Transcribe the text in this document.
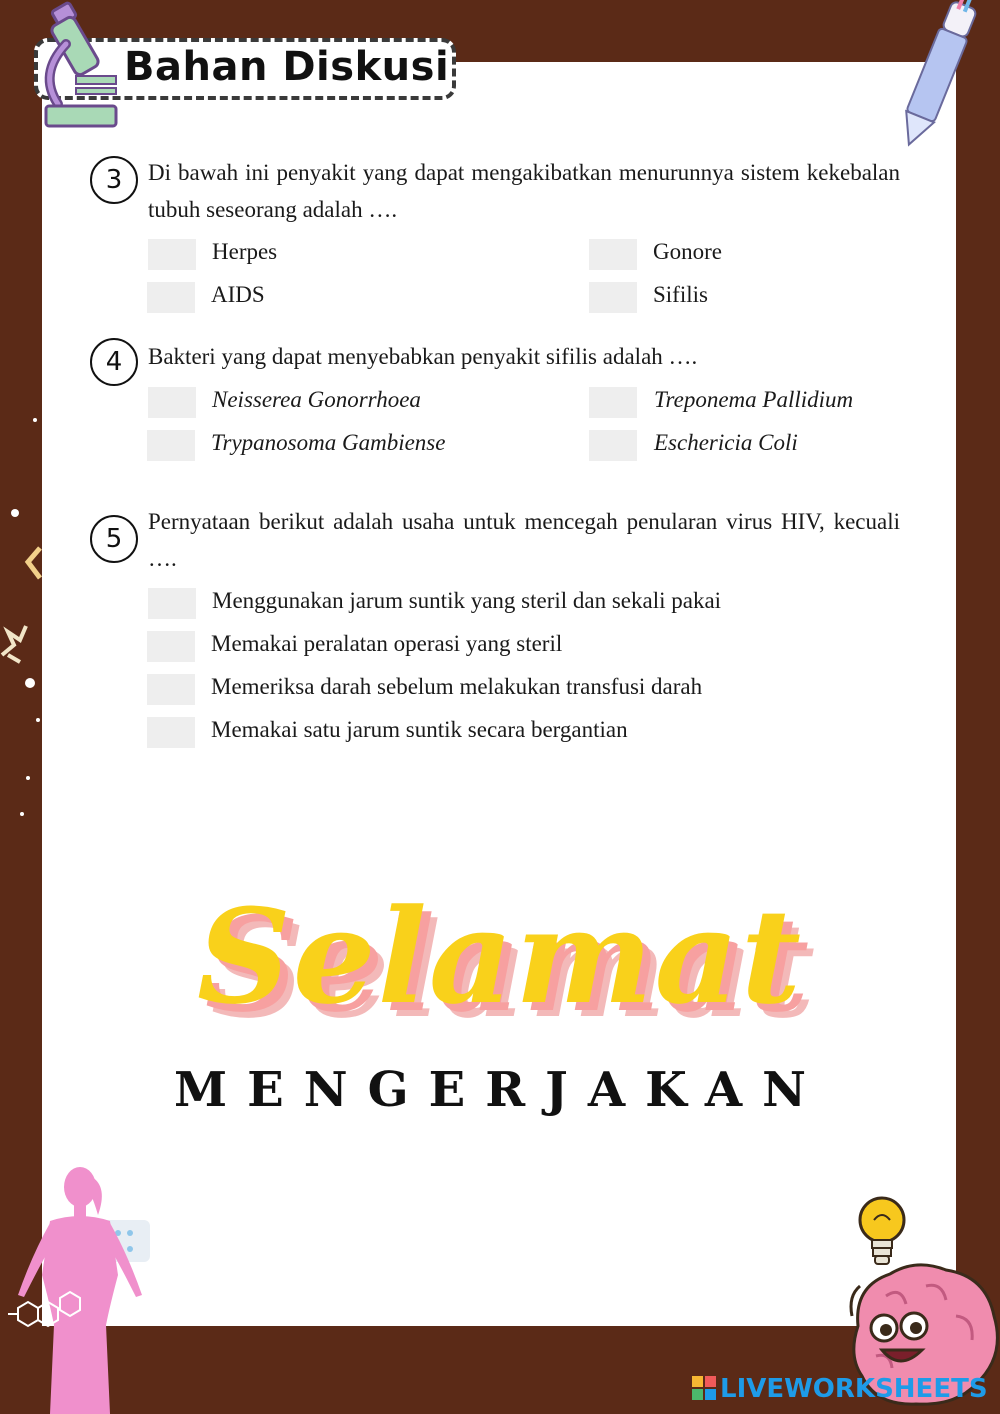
Bahan Diskusi
3	Di bawah ini penyakit yang dapat mengakibatkan menurunnya sistem kekebalan tubuh seseorang adalah ….
Herpes	Gonore
AIDS	Sifilis
4	Bakteri yang dapat menyebabkan penyakit sifilis adalah ….
Neisserea Gonorrhoea	Treponema Pallidium
Trypanosoma Gambiense	Eschericia Coli
5
Pernyataan berikut adalah usaha untuk mencegah penularan virus HIV, kecuali ….
Menggunakan jarum suntik yang steril dan sekali pakai
Memakai peralatan operasi yang steril
Memeriksa darah sebelum melakukan transfusi darah
Memakai satu jarum suntik secara bergantian
Selamat
MENGERJAKAN
LIVEWORKSHEETS
